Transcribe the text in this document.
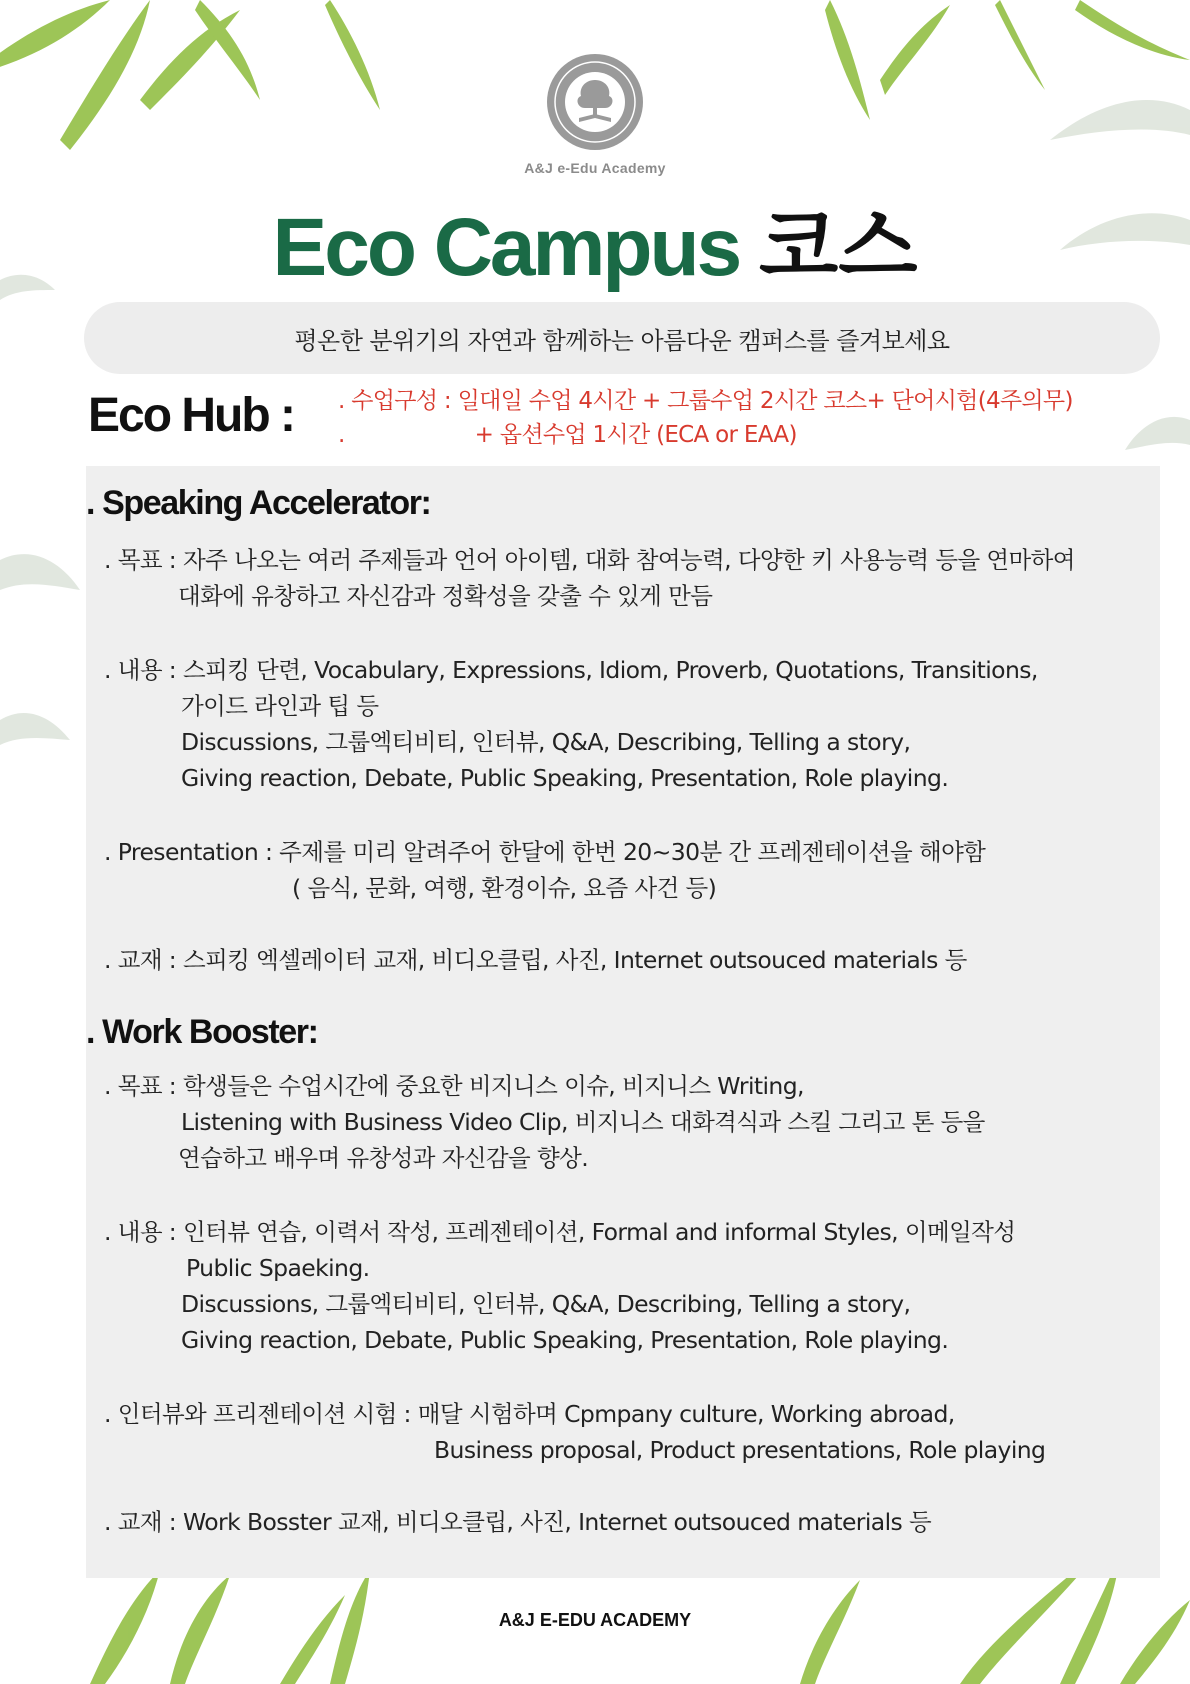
A&J e-Edu Academy
Eco Campus 코스
평온한 분위기의 자연과 함께하는 아름다운 캠퍼스를 즐겨보세요
Eco Hub : . 수업구성 : 일대일 수업 4시간 + 그룹수업 2시간 코스+ 단어시험(4주의무)
.	+ 옵션수업 1시간 (ECA or EAA)
. Speaking Accelerator:
. 목표 : 자주 나오는 여러 주제들과 언어 아이템, 대화 참여능력, 다양한 키 사용능력 등을 연마하여
대화에 유창하고 자신감과 정확성을 갖출 수 있게 만듬
. 내용 : 스피킹 단련, Vocabulary, Expressions, Idiom, Proverb, Quotations, Transitions,
가이드 라인과 팁 등
Discussions, 그룹엑티비티, 인터뷰, Q&A, Describing, Telling a story,
Giving reaction, Debate, Public Speaking, Presentation, Role playing.
. Presentation : 주제를 미리 알려주어 한달에 한번 20~30분 간 프레젠테이션을 해야함
( 음식, 문화, 여행, 환경이슈, 요즘 사건 등)
. 교재 : 스피킹 엑셀레이터 교재, 비디오클립, 사진, Internet outsouced materials 등
. Work Booster:
. 목표 : 학생들은 수업시간에 중요한 비지니스 이슈, 비지니스 Writing,
Listening with Business Video Clip, 비지니스 대화격식과 스킬 그리고 톤 등을
연습하고 배우며 유창성과 자신감을 향상.
. 내용 : 인터뷰 연습, 이력서 작성, 프레젠테이션, Formal and informal Styles, 이메일작성
Public Spaeking.
Discussions, 그룹엑티비티, 인터뷰, Q&A, Describing, Telling a story,
Giving reaction, Debate, Public Speaking, Presentation, Role playing.
. 인터뷰와 프리젠테이션 시험 : 매달 시험하며 Cpmpany culture, Working abroad,
Business proposal, Product presentations, Role playing
. 교재 : Work Bosster 교재, 비디오클립, 사진, Internet outsouced materials 등
A&J E-EDU ACADEMY
